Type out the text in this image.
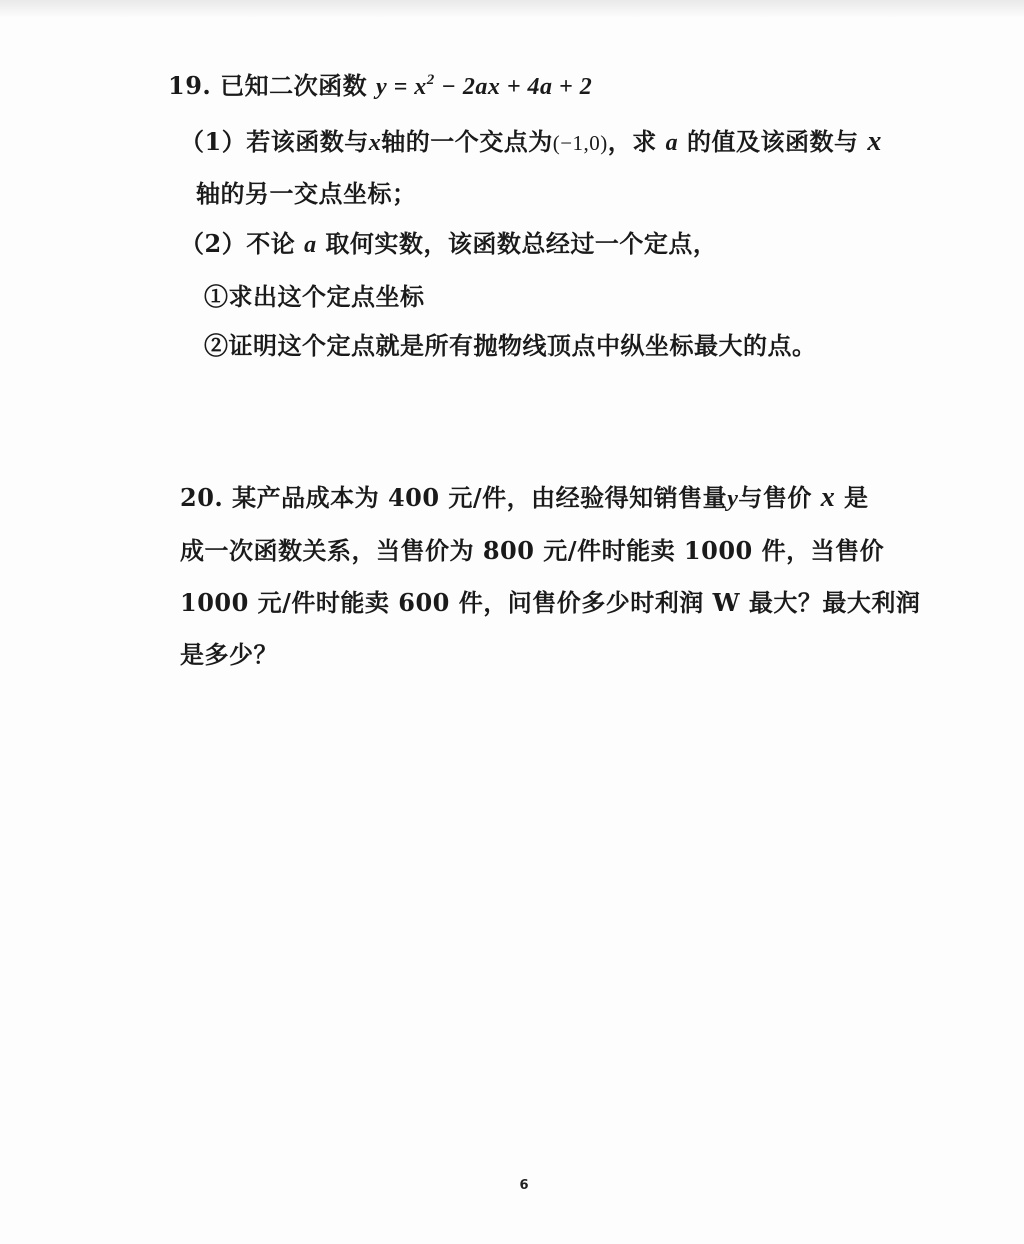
19. 已知二次函数 $y = x^2 - 2ax + 4a + 2$
（1）若该函数与x轴的一个交点为(−1,0)，求 a 的值及该函数与 x
轴的另一交点坐标；
（2）不论 a 取何实数，该函数总经过一个定点，
①求出这个定点坐标
②证明这个定点就是所有抛物线顶点中纵坐标最大的点。
20. 某产品成本为 400 元/件，由经验得知销售量y与售价 x 是
成一次函数关系，当售价为 800 元/件时能卖 1000 件，当售价
1000 元/件时能卖 600 件，问售价多少时利润 W 最大？最大利润
是多少？
6
